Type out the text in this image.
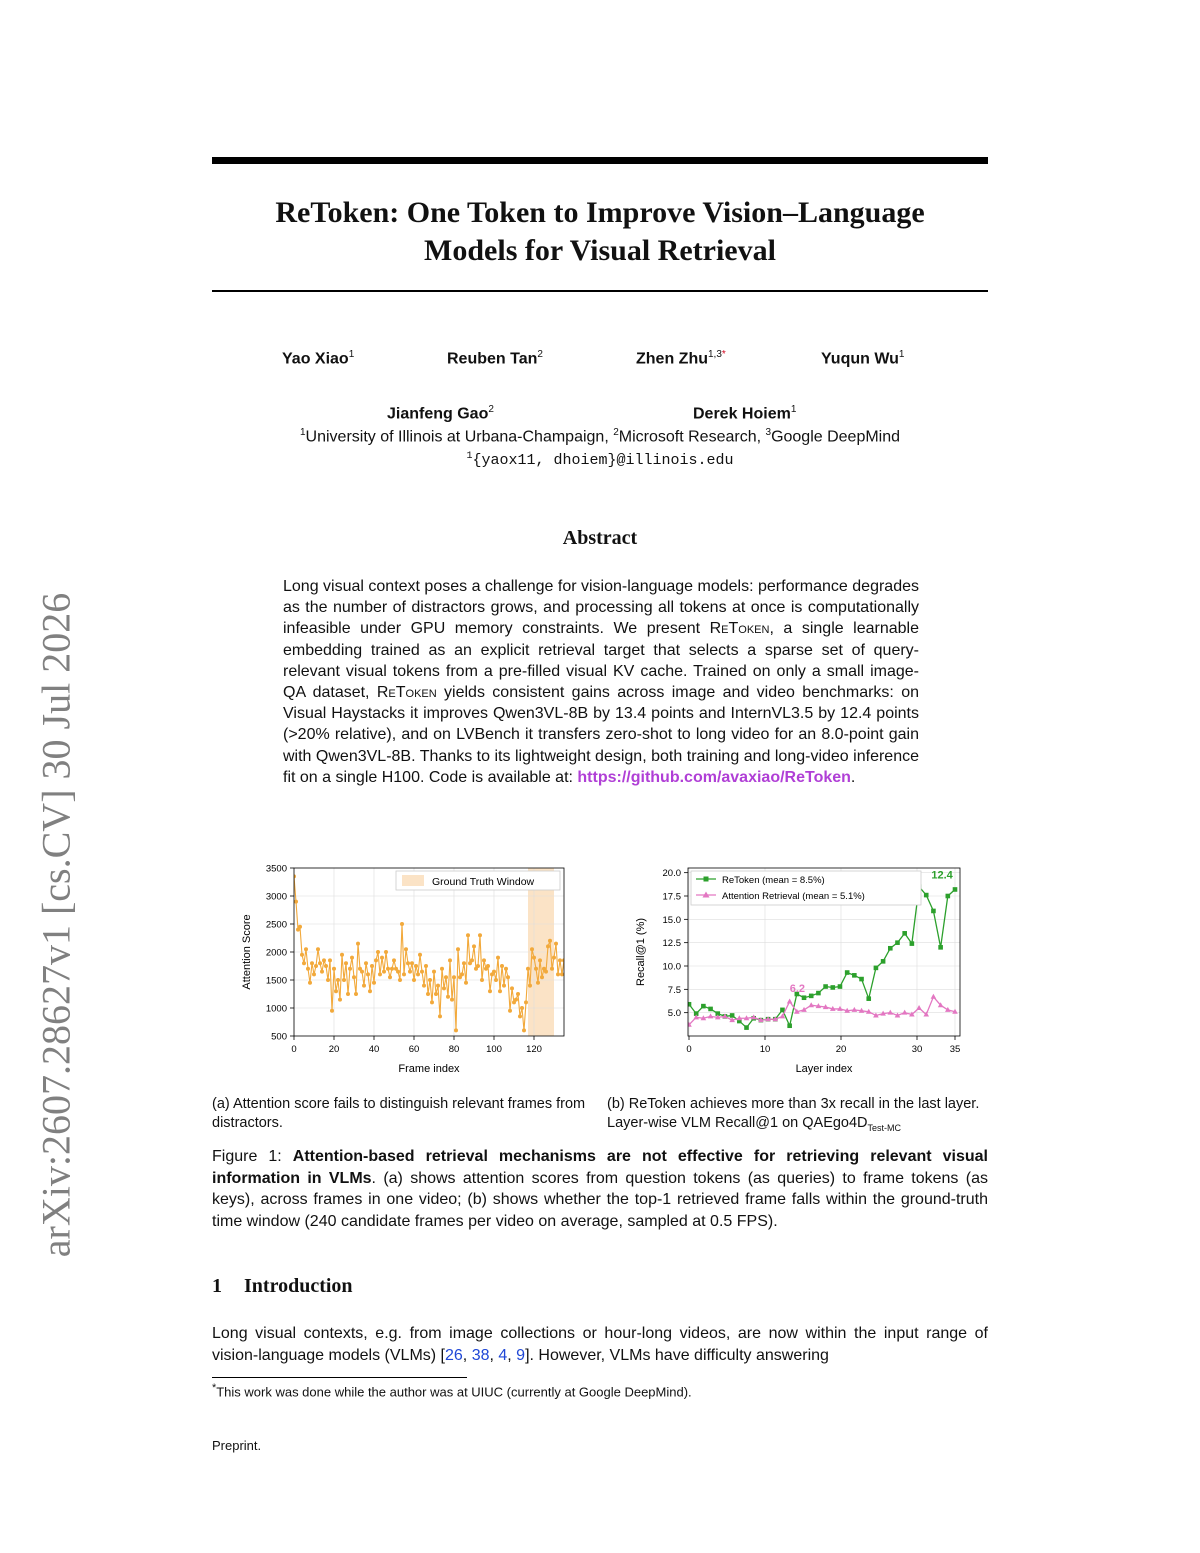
arXiv:2607.28627v1 [cs.CV] 30 Jul 2026
ReToken: One Token to Improve Vision–Language
Models for Visual Retrieval
Yao Xiao$^1$	Reuben Tan$^2$	Zhen Zhu$^{1,3*}$	Yuqun Wu$^1$
Jianfeng Gao$^2$	Derek Hoiem$^1$
$^1$University of Illinois at Urbana-Champaign, $^2$Microsoft Research, $^3$Google DeepMind
$^1${yaox11, dhoiem}@illinois.edu
Abstract
Long visual context poses a challenge for vision-language models: performance degrades as the number of distractors grows, and processing all tokens at once is computationally infeasible under GPU memory constraints. We present ReToken, a single learnable embedding trained as an explicit retrieval target that selects a sparse set of query-relevant visual tokens from a pre-filled visual KV cache. Trained on only a small image-QA dataset, ReToken yields consistent gains across image and video benchmarks: on Visual Haystacks it improves Qwen3VL-8B by 13.4 points and InternVL3.5 by 12.4 points (>20% relative), and on LVBench it transfers zero-shot to long video for an 8.0-point gain with Qwen3VL-8B. Thanks to its lightweight design, both training and long-video inference fit on a single H100. Code is available at: https://github.com/avaxiao/ReToken.
500
1000
1500
2000
2500
3000
3500
0	20	40	60	80	100	120
Frame index
Attention Score
Ground Truth Window
5.0
7.5
10.0
12.5
15.0
17.5
20.0
0	10	20	30	35
6.2
12.4
Layer index
Recall@1 (%)
ReToken (mean = 8.5%)
Attention Retrieval (mean = 5.1%)
(a) Attention score fails to distinguish relevant frames from distractors.
(b) ReToken achieves more than 3x recall in the last layer. Layer-wise VLM Recall@1 on $QAEgo4D_{Test-MC}$
Figure 1: Attention-based retrieval mechanisms are not effective for retrieving relevant visual information in VLMs. (a) shows attention scores from question tokens (as queries) to frame tokens (as keys), across frames in one video; (b) shows whether the top-1 retrieved frame falls within the ground-truth time window (240 candidate frames per video on average, sampled at 0.5 FPS).
1 Introduction
Long visual contexts, e.g. from image collections or hour-long videos, are now within the input range of vision-language models (VLMs) [26, 38, 4, 9]. However, VLMs have difficulty answering
*This work was done while the author was at UIUC (currently at Google DeepMind).
Preprint.
